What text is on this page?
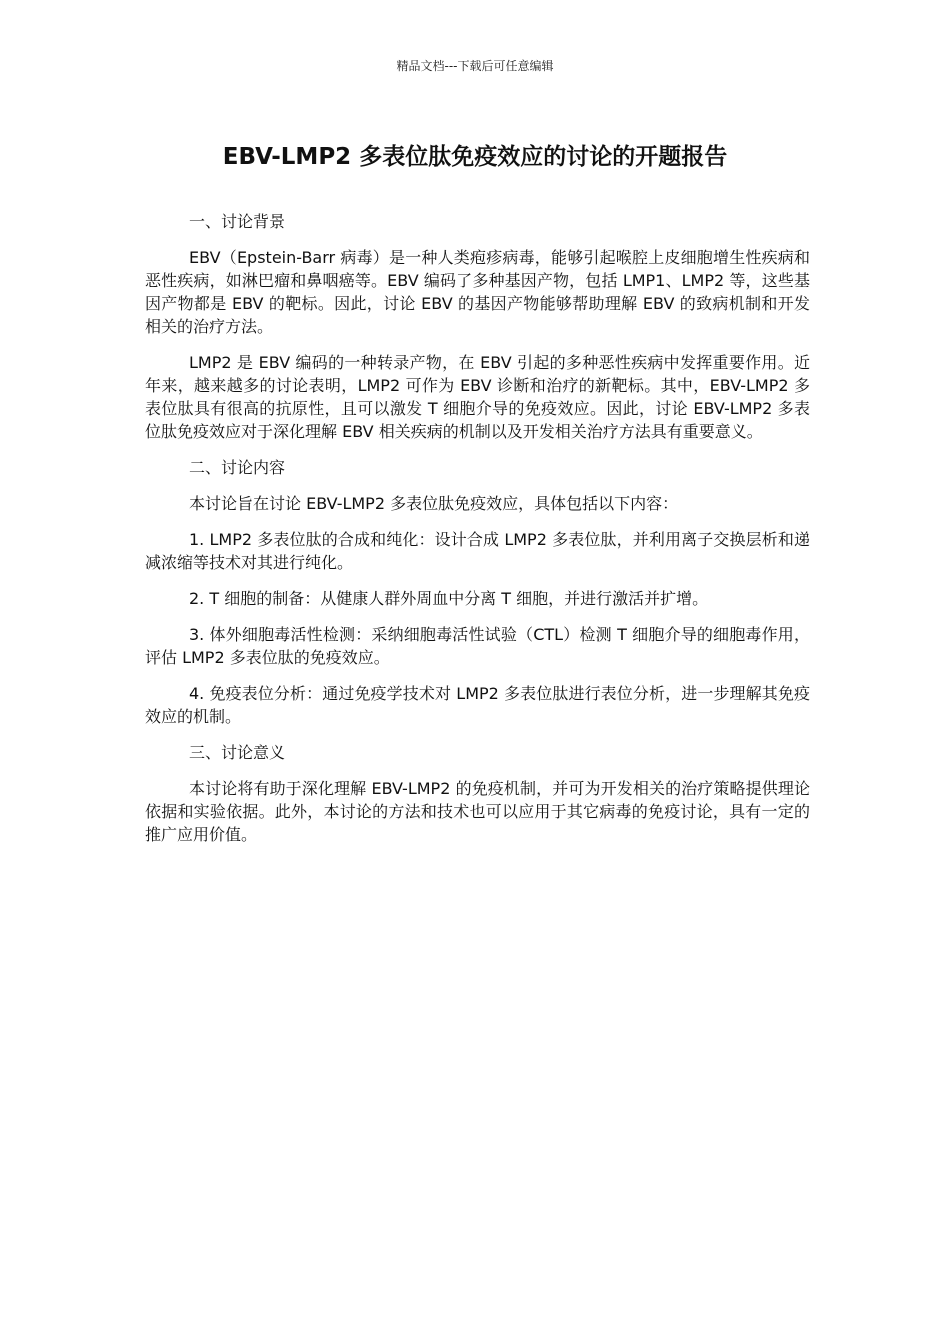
精品文档---下载后可任意编辑
EBV-LMP2 多表位肽免疫效应的讨论的开题报告

一、讨论背景

EBV（Epstein-Barr 病毒）是一种人类疱疹病毒，能够引起喉腔上皮细胞增生性疾病和恶性疾病，如淋巴瘤和鼻咽癌等。EBV 编码了多种基因产物，包括 LMP1、LMP2 等，这些基因产物都是 EBV 的靶标。因此，讨论 EBV 的基因产物能够帮助理解 EBV 的致病机制和开发相关的治疗方法。

LMP2 是 EBV 编码的一种转录产物，在 EBV 引起的多种恶性疾病中发挥重要作用。近年来，越来越多的讨论表明，LMP2 可作为 EBV 诊断和治疗的新靶标。其中，EBV-LMP2 多表位肽具有很高的抗原性，且可以激发 T 细胞介导的免疫效应。因此，讨论 EBV-LMP2 多表位肽免疫效应对于深化理解 EBV 相关疾病的机制以及开发相关治疗方法具有重要意义。

二、讨论内容

本讨论旨在讨论 EBV-LMP2 多表位肽免疫效应，具体包括以下内容：

1. LMP2 多表位肽的合成和纯化：设计合成 LMP2 多表位肽，并利用离子交换层析和递减浓缩等技术对其进行纯化。

2. T 细胞的制备：从健康人群外周血中分离 T 细胞，并进行激活并扩增。

3. 体外细胞毒活性检测：采纳细胞毒活性试验（CTL）检测 T 细胞介导的细胞毒作用，评估 LMP2 多表位肽的免疫效应。

4. 免疫表位分析：通过免疫学技术对 LMP2 多表位肽进行表位分析，进一步理解其免疫效应的机制。

三、讨论意义

本讨论将有助于深化理解 EBV-LMP2 的免疫机制，并可为开发相关的治疗策略提供理论依据和实验依据。此外，本讨论的方法和技术也可以应用于其它病毒的免疫讨论，具有一定的推广应用价值。
